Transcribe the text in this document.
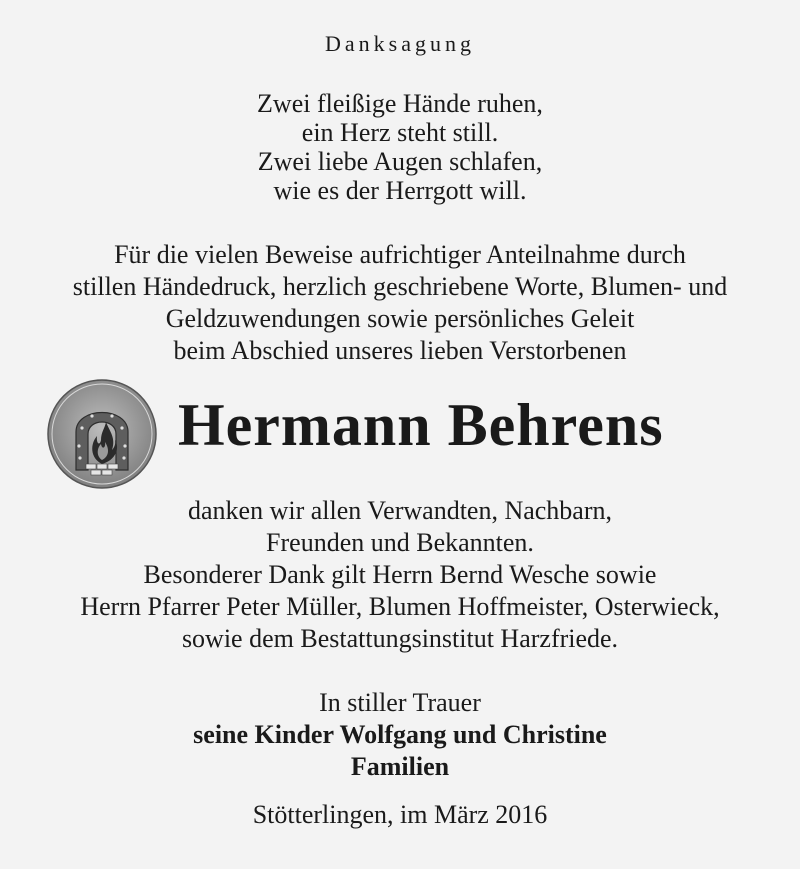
Danksagung
Zwei fleißige Hände ruhen,
ein Herz steht still.
Zwei liebe Augen schlafen,
wie es der Herrgott will.
Für die vielen Beweise aufrichtiger Anteilnahme durch
stillen Händedruck, herzlich geschriebene Worte, Blumen- und
Geldzuwendungen sowie persönliches Geleit
beim Abschied unseres lieben Verstorbenen
Hermann Behrens
danken wir allen Verwandten, Nachbarn,
Freunden und Bekannten.
Besonderer Dank gilt Herrn Bernd Wesche sowie
Herrn Pfarrer Peter Müller, Blumen Hoffmeister, Osterwieck,
sowie dem Bestattungsinstitut Harzfriede.
In stiller Trauer
seine Kinder Wolfgang und Christine
Familien
Stötterlingen, im März 2016
